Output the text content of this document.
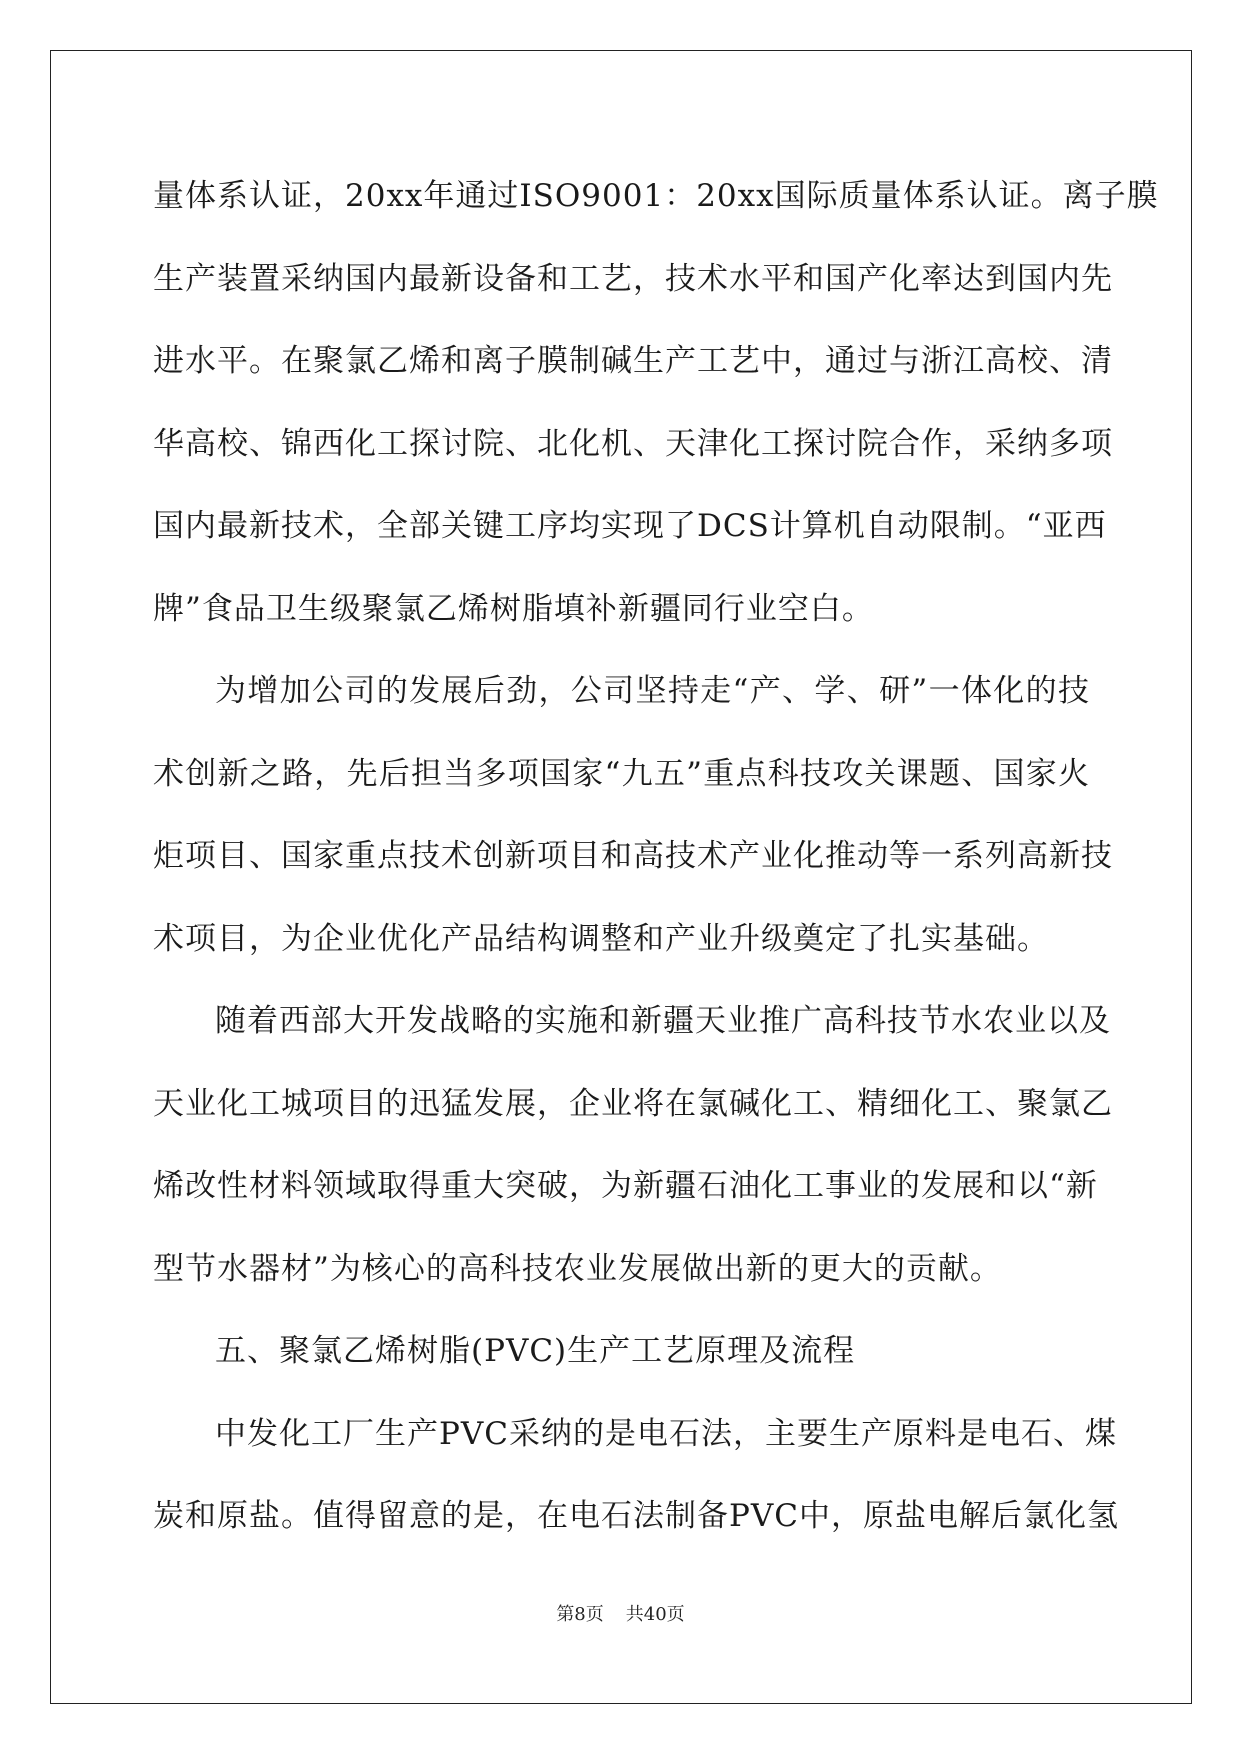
量体系认证，20xx年通过ISO9001：20xx国际质量体系认证。离子膜
生产装置采纳国内最新设备和工艺，技术水平和国产化率达到国内先
进水平。在聚氯乙烯和离子膜制碱生产工艺中，通过与浙江高校、清
华高校、锦西化工探讨院、北化机、天津化工探讨院合作，采纳多项
国内最新技术，全部关键工序均实现了DCS计算机自动限制。“亚西
牌”食品卫生级聚氯乙烯树脂填补新疆同行业空白。
为增加公司的发展后劲，公司坚持走“产、学、研”一体化的技
术创新之路，先后担当多项国家“九五”重点科技攻关课题、国家火
炬项目、国家重点技术创新项目和高技术产业化推动等一系列高新技
术项目，为企业优化产品结构调整和产业升级奠定了扎实基础。
随着西部大开发战略的实施和新疆天业推广高科技节水农业以及
天业化工城项目的迅猛发展，企业将在氯碱化工、精细化工、聚氯乙
烯改性材料领域取得重大突破，为新疆石油化工事业的发展和以“新
型节水器材”为核心的高科技农业发展做出新的更大的贡献。
五、聚氯乙烯树脂(PVC)生产工艺原理及流程
中发化工厂生产PVC采纳的是电石法，主要生产原料是电石、煤
炭和原盐。值得留意的是，在电石法制备PVC中，原盐电解后氯化氢
第8页 共40页
